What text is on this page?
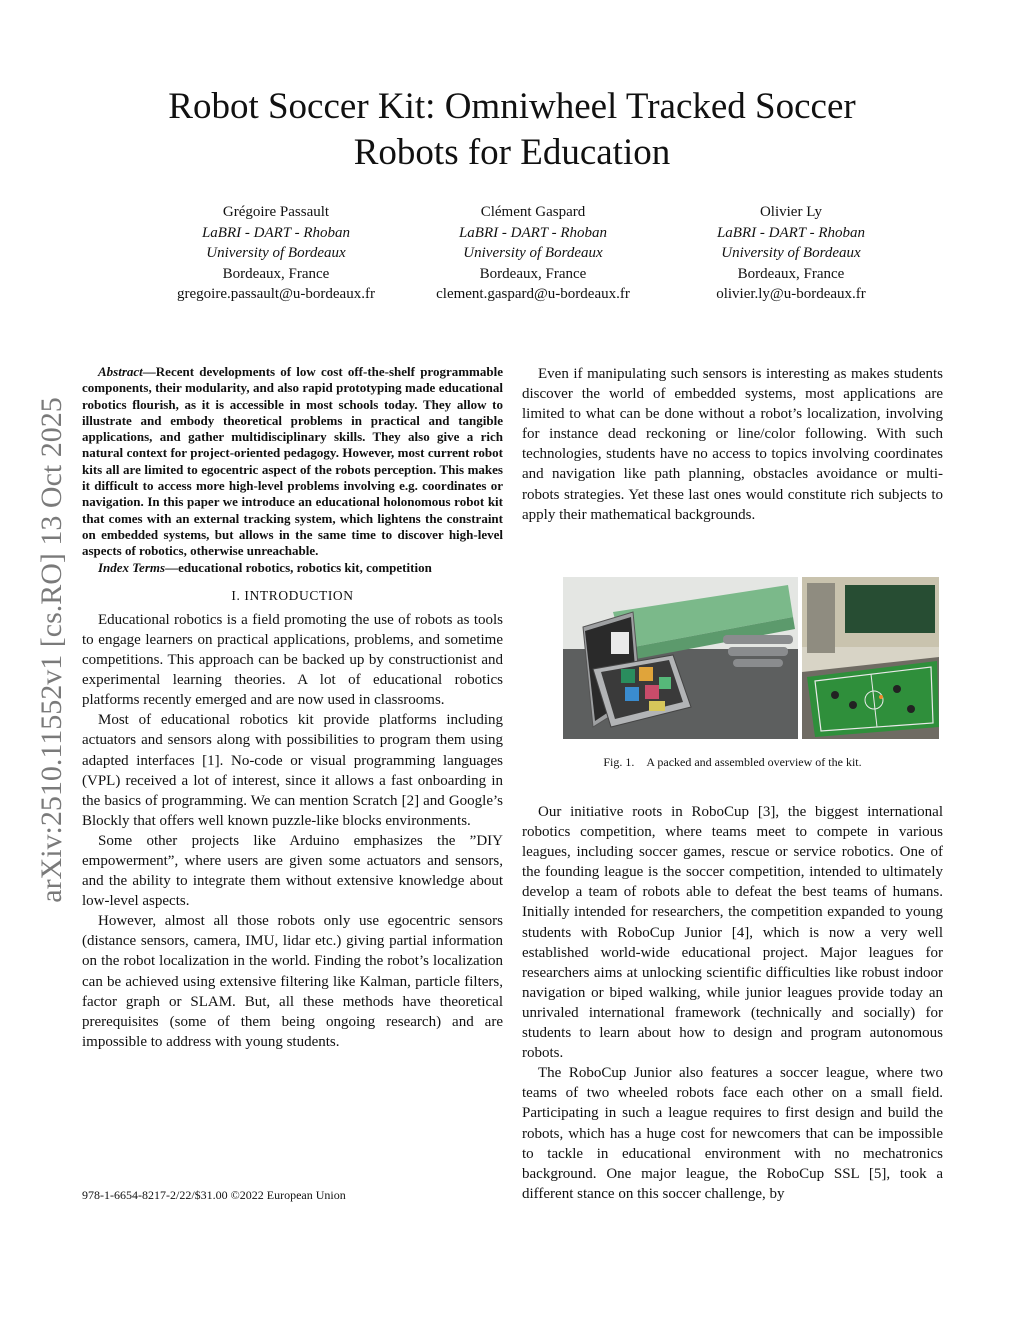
Robot Soccer Kit: Omniwheel Tracked Soccer
Robots for Education
Grégoire Passault
LaBRI - DART - Rhoban
University of Bordeaux
Bordeaux, France
gregoire.passault@u-bordeaux.fr
Clément Gaspard
LaBRI - DART - Rhoban
University of Bordeaux
Bordeaux, France
clement.gaspard@u-bordeaux.fr
Olivier Ly
LaBRI - DART - Rhoban
University of Bordeaux
Bordeaux, France
olivier.ly@u-bordeaux.fr
arXiv:2510.11552v1 [cs.RO] 13 Oct 2025

Abstract—Recent developments of low cost off-the-shelf programmable components, their modularity, and also rapid prototyping made educational robotics flourish, as it is accessible in most schools today. They allow to illustrate and embody theoretical problems in practical and tangible applications, and gather multidisciplinary skills. They also give a rich natural context for project-oriented pedagogy. However, most current robot kits all are limited to egocentric aspect of the robots perception. This makes it difficult to access more high-level problems involving e.g. coordinates or navigation. In this paper we introduce an educational holonomous robot kit that comes with an external tracking system, which lightens the constraint on embedded systems, but allows in the same time to discover high-level aspects of robotics, otherwise unreachable.

Index Terms—educational robotics, robotics kit, competition

I. INTRODUCTION

Educational robotics is a field promoting the use of robots as tools to engage learners on practical applications, problems, and sometime competitions. This approach can be backed up by constructionist and experimental learning theories. A lot of educational robotics platforms recently emerged and are now used in classrooms.

Most of educational robotics kit provide platforms including actuators and sensors along with possibilities to program them using adapted interfaces [1]. No-code or visual programming languages (VPL) received a lot of interest, since it allows a fast onboarding in the basics of programming. We can mention Scratch [2] and Google’s Blockly that offers well known puzzle-like blocks environments.

Some other projects like Arduino emphasizes the ”DIY empowerment”, where users are given some actuators and sensors, and the ability to integrate them without extensive knowledge about low-level aspects.

However, almost all those robots only use egocentric sensors (distance sensors, camera, IMU, lidar etc.) giving partial information on the robot localization in the world. Finding the robot’s localization can be achieved using extensive filtering like Kalman, particle filters, factor graph or SLAM. But, all these methods have theoretical prerequisites (some of them being ongoing research) and are impossible to address with young students.

Even if manipulating such sensors is interesting as makes students discover the world of embedded systems, most applications are limited to what can be done without a robot’s localization, involving for instance dead reckoning or line/color following. With such technologies, students have no access to topics involving coordinates and navigation like path planning, obstacles avoidance or multi-robots strategies. Yet these last ones would constitute rich subjects to apply their mathematical backgrounds.

Fig. 1. A packed and assembled overview of the kit.

Our initiative roots in RoboCup [3], the biggest international robotics competition, where teams meet to compete in various leagues, including soccer games, rescue or service robotics. One of the founding league is the soccer competition, intended to ultimately develop a team of robots able to defeat the best teams of humans. Initially intended for researchers, the competition expanded to young students with RoboCup Junior [4], which is now a very well established world-wide educational project. Major leagues for researchers aims at unlocking scientific difficulties like robust indoor navigation or biped walking, while junior leagues provide today an unrivaled international framework (technically and socially) for students to learn about how to design and program autonomous robots.

The RoboCup Junior also features a soccer league, where two teams of two wheeled robots face each other on a small field. Participating in such a league requires to first design and build the robots, which has a huge cost for newcomers that can be impossible to tackle in educational environment with no mechatronics background. One major league, the RoboCup SSL [5], took a different stance on this soccer challenge, by

978-1-6654-8217-2/22/$31.00 ©2022 European Union
